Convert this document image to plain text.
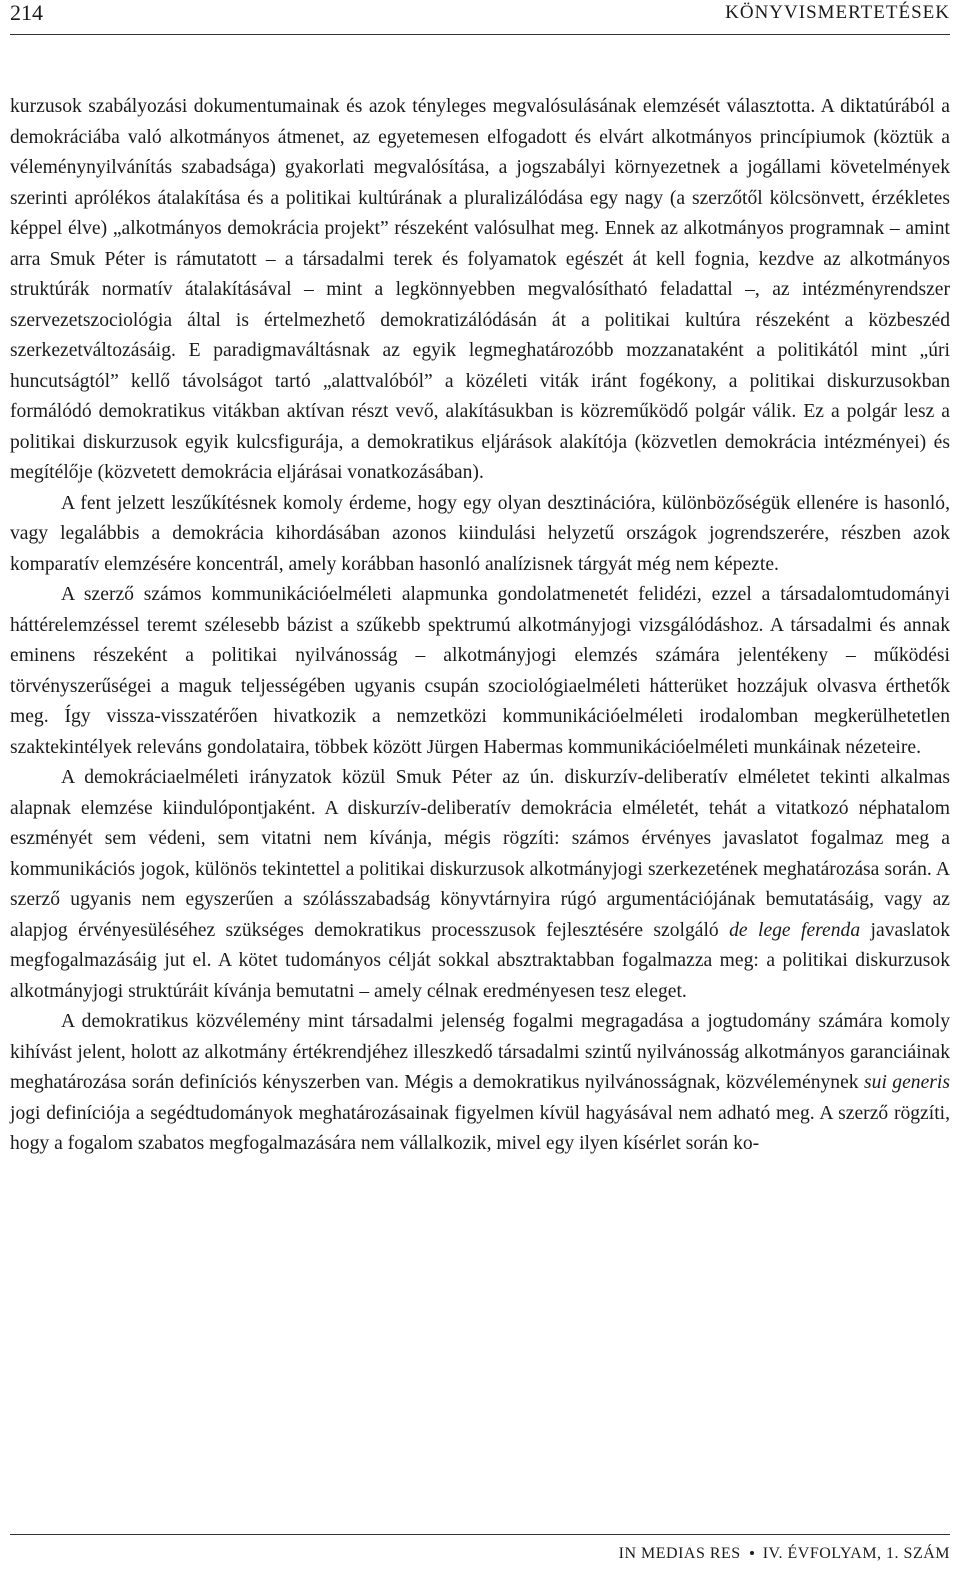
214	KÖNYVISMERTETÉSEK

kurzusok szabályozási dokumentumainak és azok tényleges megvalósulásának elemzését választotta. A diktatúrából a demokráciába való alkotmányos átmenet, az egyetemesen elfogadott és elvárt alkotmányos princípiumok (köztük a véleménynyilvánítás szabadsága) gyakorlati megvalósítása, a jogszabályi környezetnek a jogállami követelmények szerinti aprólékos átalakítása és a politikai kultúrának a pluralizálódása egy nagy (a szerzőtől kölcsönvett, érzékletes képpel élve) „alkotmányos demokrácia projekt” részeként valósulhat meg. Ennek az alkotmányos programnak – amint arra Smuk Péter is rámutatott – a társadalmi terek és folyamatok egészét át kell fognia, kezdve az alkotmányos struktúrák normatív átalakításával – mint a legkönnyebben megvalósítható feladattal –, az intézményrendszer szervezetszociológia által is értelmezhető demokratizálódásán át a politikai kultúra részeként a közbeszéd szerkezetváltozásáig. E paradigmaváltásnak az egyik legmeghatározóbb mozzanataként a politikától mint „úri huncutságtól” kellő távolságot tartó „alattvalóból” a közéleti viták iránt fogékony, a politikai diskurzusokban formálódó demokratikus vitákban aktívan részt vevő, alakításukban is közreműködő polgár válik. Ez a polgár lesz a politikai diskurzusok egyik kulcsfigurája, a demokratikus eljárások alakítója (közvetlen demokrácia intézményei) és megítélője (közvetett demokrácia eljárásai vonatkozásában).

A fent jelzett leszűkítésnek komoly érdeme, hogy egy olyan desztinációra, különbözőségük ellenére is hasonló, vagy legalábbis a demokrácia kihordásában azonos kiindulási helyzetű országok jogrendszerére, részben azok komparatív elemzésére koncentrál, amely korábban hasonló analízisnek tárgyát még nem képezte.

A szerző számos kommunikációelméleti alapmunka gondolatmenetét felidézi, ezzel a társadalomtudományi háttérelemzéssel teremt szélesebb bázist a szűkebb spektrumú alkotmányjogi vizsgálódáshoz. A társadalmi és annak eminens részeként a politikai nyilvánosság – alkotmányjogi elemzés számára jelentékeny – működési törvényszerűségei a maguk teljességében ugyanis csupán szociológiaelméleti hátterüket hozzájuk olvasva érthetők meg. Így vissza-visszatérően hivatkozik a nemzetközi kommunikációelméleti irodalomban megkerülhetetlen szaktekintélyek releváns gondolataira, többek között Jürgen Habermas kommunikációelméleti munkáinak nézeteire.

A demokráciaelméleti irányzatok közül Smuk Péter az ún. diskurzív-deliberatív elméletet tekinti alkalmas alapnak elemzése kiindulópontjaként. A diskurzív-deliberatív demokrácia elméletét, tehát a vitatkozó néphatalom eszményét sem védeni, sem vitatni nem kívánja, mégis rögzíti: számos érvényes javaslatot fogalmaz meg a kommunikációs jogok, különös tekintettel a politikai diskurzusok alkotmányjogi szerkezetének meghatározása során. A szerző ugyanis nem egyszerűen a szólásszabadság könyvtárnyira rúgó argumentációjának bemutatásáig, vagy az alapjog érvényesüléséhez szükséges demokratikus processzusok fejlesztésére szolgáló de lege ferenda javaslatok megfogalmazásáig jut el. A kötet tudományos célját sokkal absztraktabban fogalmazza meg: a politikai diskurzusok alkotmányjogi struktúráit kívánja bemutatni – amely célnak eredményesen tesz eleget.

A demokratikus közvélemény mint társadalmi jelenség fogalmi megragadása a jogtudomány számára komoly kihívást jelent, holott az alkotmány értékrendjéhez illeszkedő társadalmi szintű nyilvánosság alkotmányos garanciáinak meghatározása során definíciós kényszerben van. Mégis a demokratikus nyilvánosságnak, közvéleménynek sui generis jogi definíciója a segédtudományok meghatározásainak figyelmen kívül hagyásával nem adható meg. A szerző rögzíti, hogy a fogalom szabatos megfogalmazására nem vállalkozik, mivel egy ilyen kísérlet során ko-

IN MEDIAS RES IV. ÉVFOLYAM, 1. SZÁM
